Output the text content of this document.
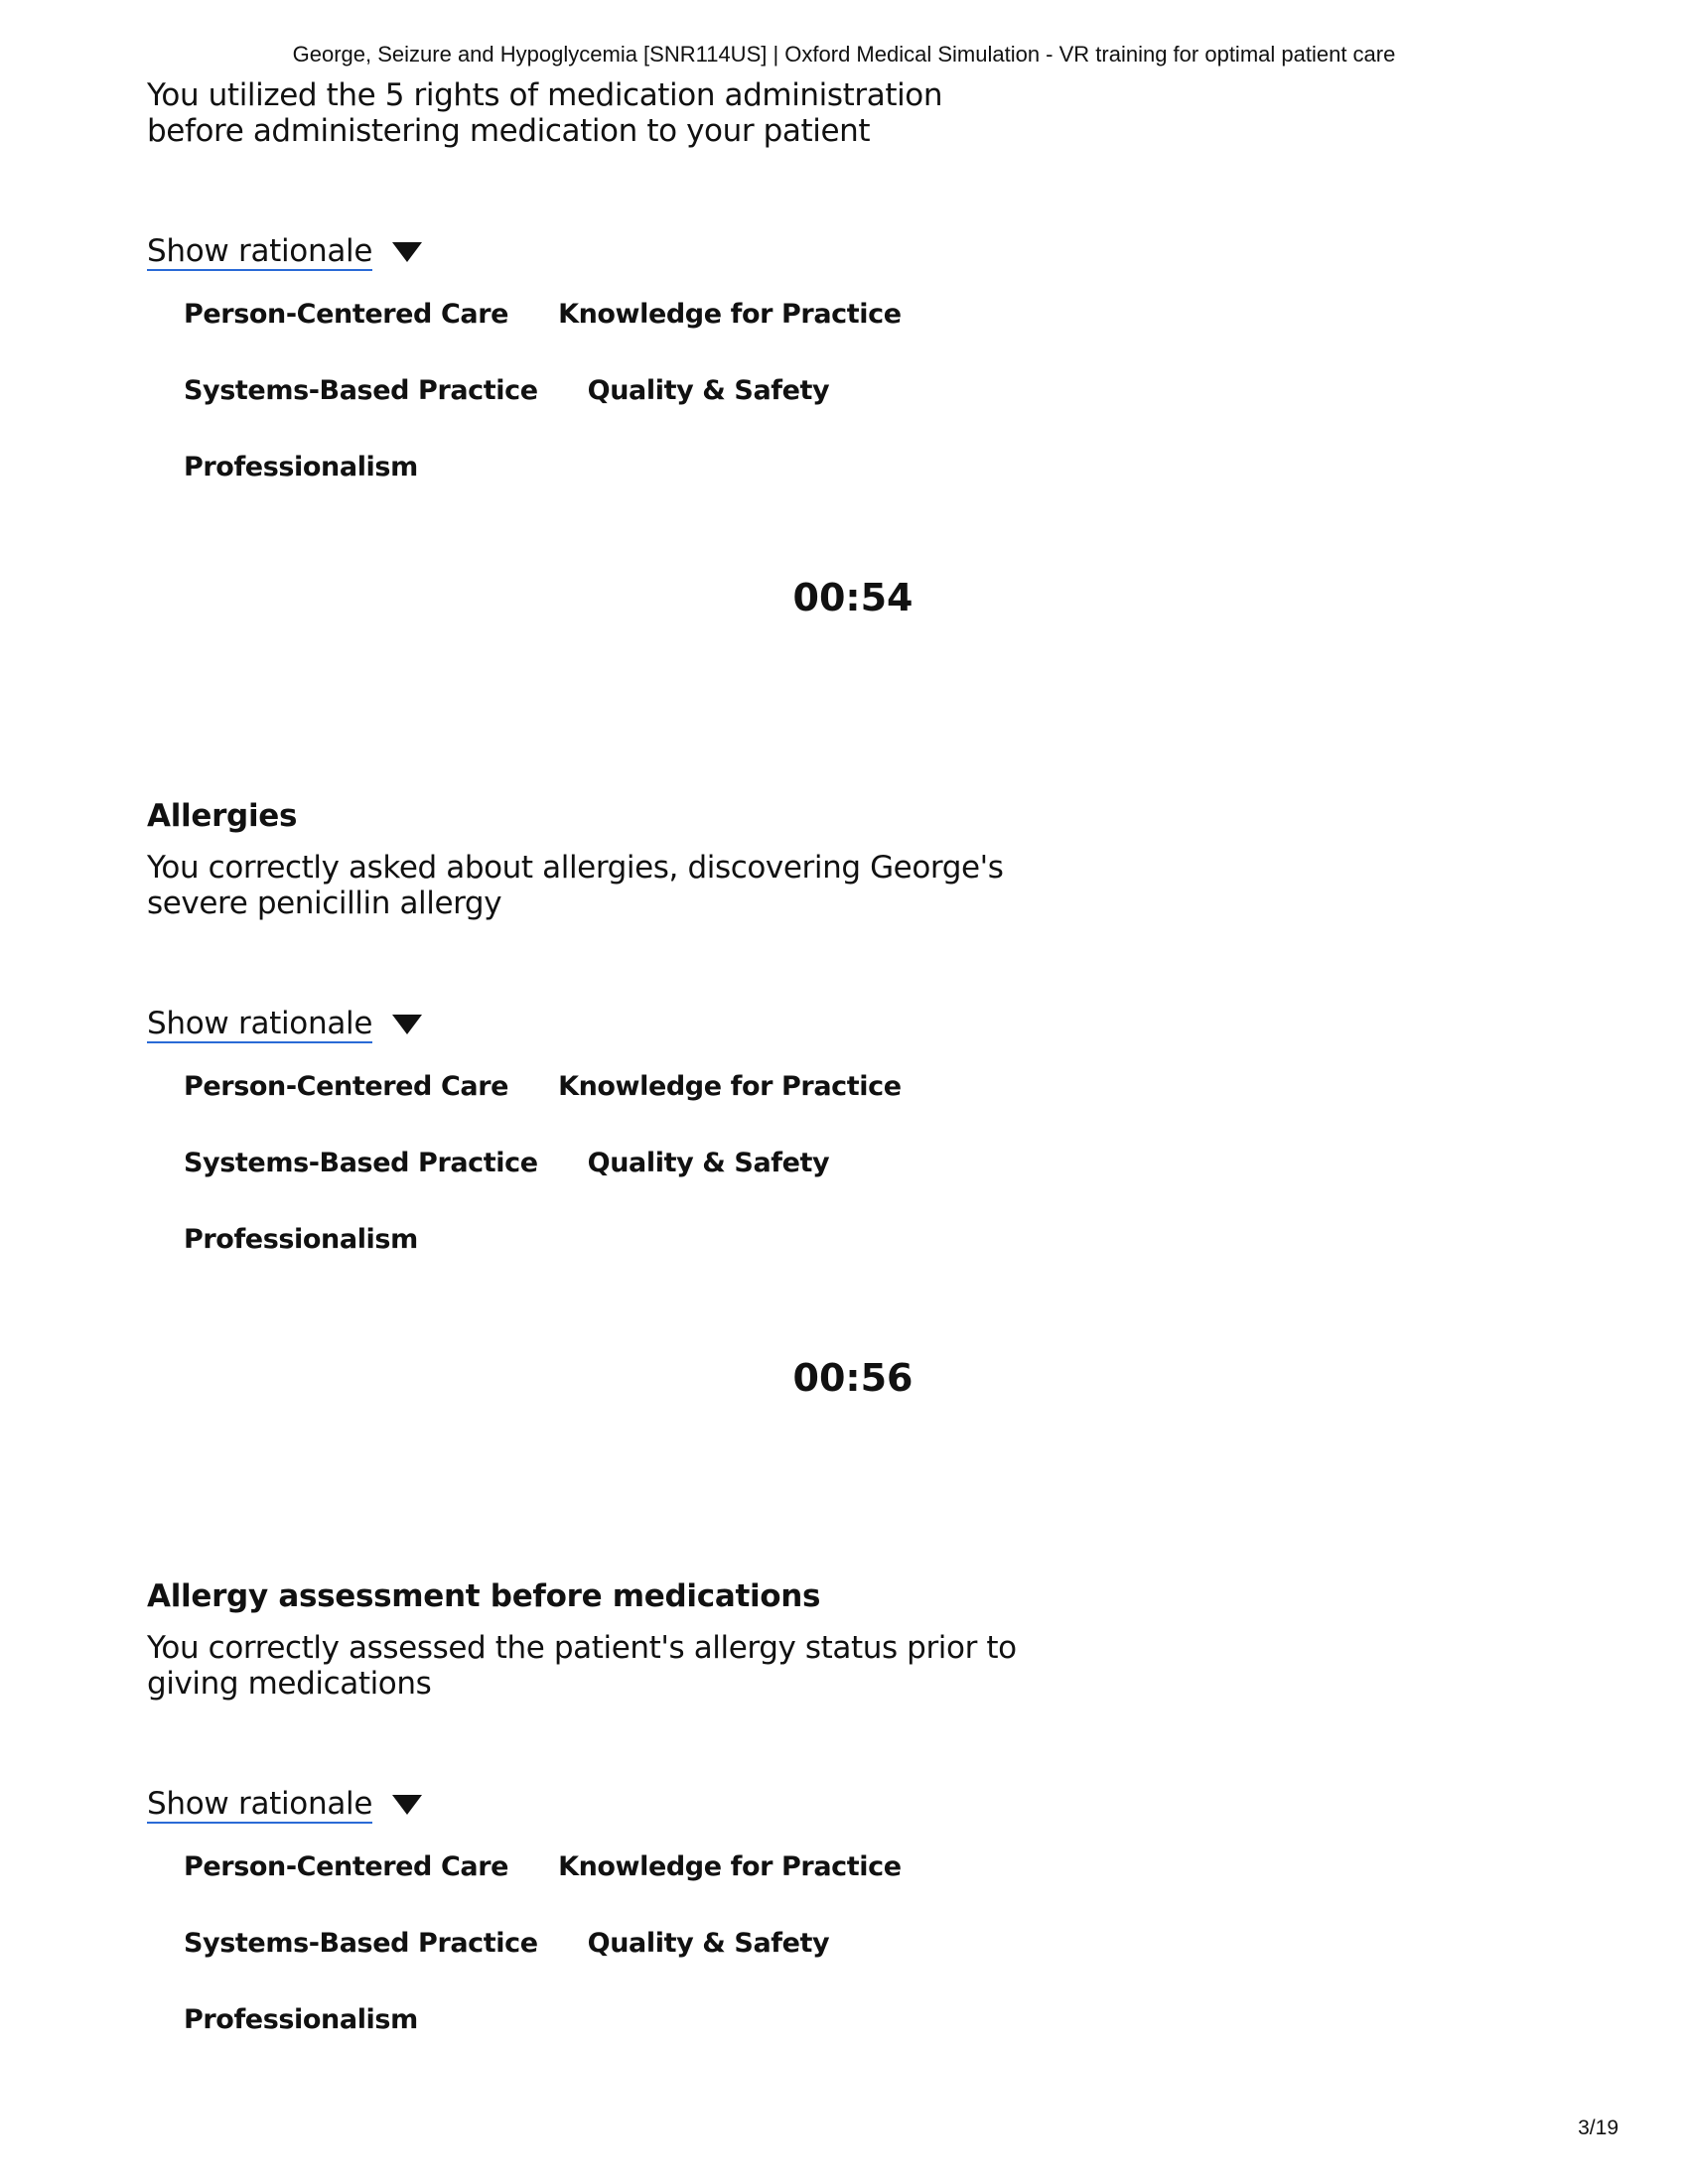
George, Seizure and Hypoglycemia [SNR114US] | Oxford Medical Simulation - VR training for optimal patient care

You utilized the 5 rights of medication administration before administering medication to your patient

Show rationale
Person-Centered Care Knowledge for Practice
Systems-Based Practice Quality & Safety
Professionalism
00:54
Allergies

You correctly asked about allergies, discovering George's severe penicillin allergy

Show rationale
Person-Centered Care Knowledge for Practice
Systems-Based Practice Quality & Safety
Professionalism
00:56
Allergy assessment before medications

You correctly assessed the patient's allergy status prior to giving medications

Show rationale
Person-Centered Care Knowledge for Practice
Systems-Based Practice Quality & Safety
Professionalism
3/19
